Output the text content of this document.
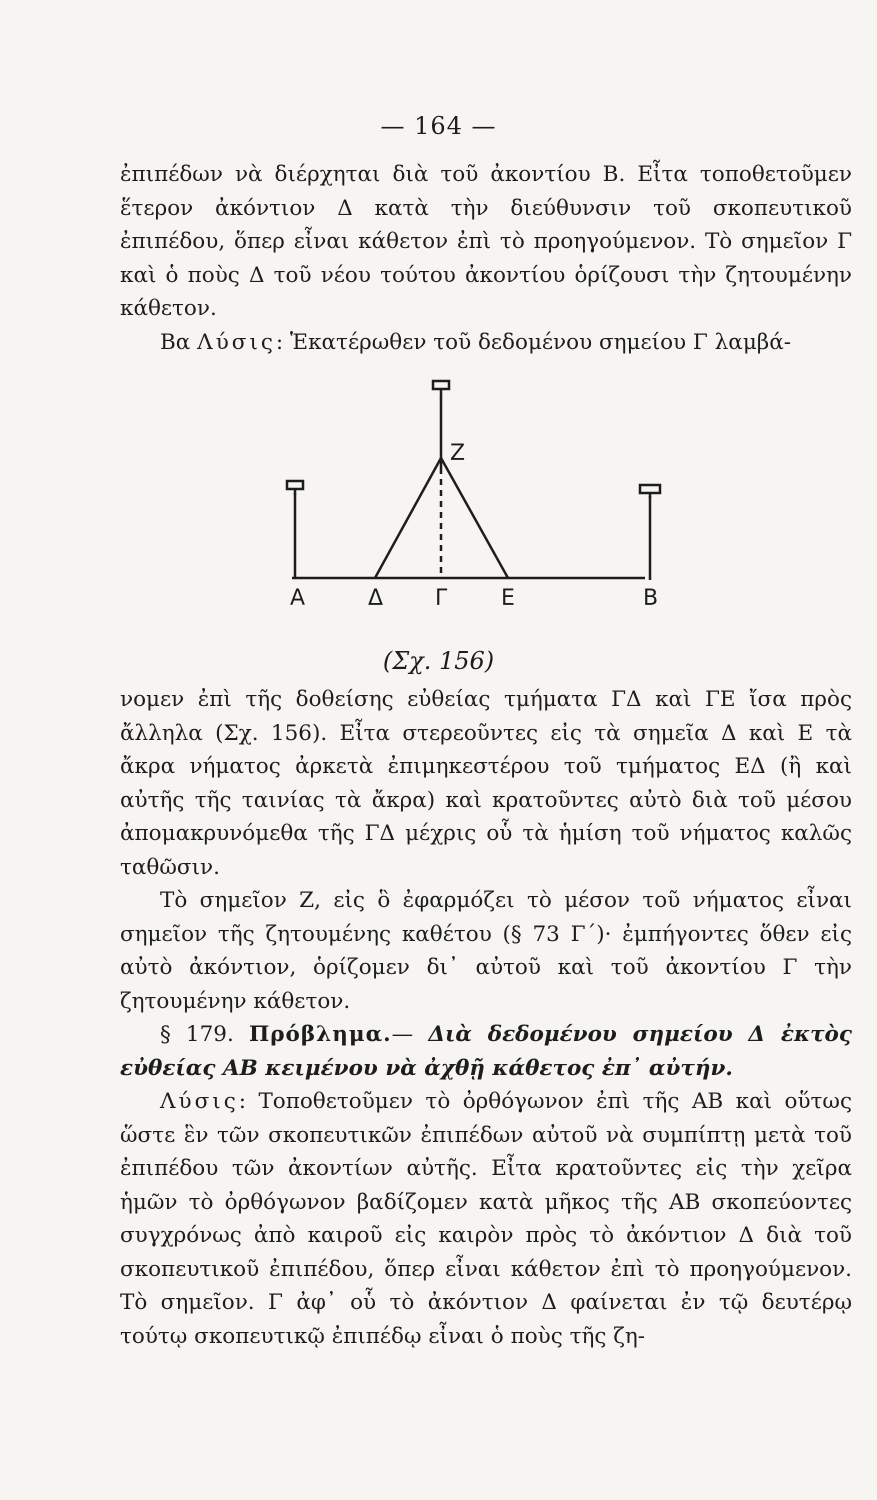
— 164 —

ἐπιπέδων νὰ διέρχηται διὰ τοῦ ἀκοντίου Β. Εἶτα τοποθετοῦμεν ἕτερον ἀκόντιον Δ κατὰ τὴν διεύθυνσιν τοῦ σκοπευτικοῦ ἐπιπέδου, ὅπερ εἶναι κάθετον ἐπὶ τὸ προηγούμενον. Τὸ σημεῖον Γ καὶ ὁ ποὺς Δ τοῦ νέου τούτου ἀκοντίου ὁρίζουσι τὴν ζητουμένην κάθετον.

Βα Λύσις: Ἑκατέρωθεν τοῦ δεδομένου σημείου Γ λαμβά-

Ζ
Α	Δ Γ Ε	Β
(Σχ. 156)

νομεν ἐπὶ τῆς δοθείσης εὐθείας τμήματα ΓΔ καὶ ΓΕ ἴσα πρὸς ἄλληλα (Σχ. 156). Εἶτα στερεοῦντες εἰς τὰ σημεῖα Δ καὶ Ε τὰ ἄκρα νήματος ἀρκετὰ ἐπιμηκεστέρου τοῦ τμήματος ΕΔ (ἢ καὶ αὐτῆς τῆς ταινίας τὰ ἄκρα) καὶ κρατοῦντες αὐτὸ διὰ τοῦ μέσου ἀπομακρυνόμεθα τῆς ΓΔ μέχρις οὗ τὰ ἡμίση τοῦ νήματος καλῶς ταθῶσιν.

Τὸ σημεῖον Ζ, εἰς ὃ ἐφαρμόζει τὸ μέσον τοῦ νήματος εἶναι σημεῖον τῆς ζητουμένης καθέτου (§ 73 Γ΄)· ἐμπήγοντες ὅθεν εἰς αὐτὸ ἀκόντιον, ὁρίζομεν δι᾿ αὐτοῦ καὶ τοῦ ἀκοντίου Γ τὴν ζητουμένην κάθετον.

§ 179. Πρόβλημα.— Διὰ δεδομένου σημείου Δ ἐκτὸς εὐθείας ΑΒ κειμένου νὰ ἀχθῇ κάθετος ἐπ᾿ αὐτήν.

Λύσις: Τοποθετοῦμεν τὸ ὀρθόγωνον ἐπὶ τῆς ΑΒ καὶ οὕτως ὥστε ἓν τῶν σκοπευτικῶν ἐπιπέδων αὐτοῦ νὰ συμπίπτῃ μετὰ τοῦ ἐπιπέδου τῶν ἀκοντίων αὐτῆς. Εἶτα κρατοῦντες εἰς τὴν χεῖρα ἡμῶν τὸ ὀρθόγωνον βαδίζομεν κατὰ μῆκος τῆς ΑΒ σκοπεύοντες συγχρόνως ἀπὸ καιροῦ εἰς καιρὸν πρὸς τὸ ἀκόντιον Δ διὰ τοῦ σκοπευτικοῦ ἐπιπέδου, ὅπερ εἶναι κάθετον ἐπὶ τὸ προηγούμενον. Τὸ σημεῖον. Γ ἀφ᾿ οὗ τὸ ἀκόντιον Δ φαίνεται ἐν τῷ δευτέρῳ τούτῳ σκοπευτικῷ ἐπιπέδῳ εἶναι ὁ ποὺς τῆς ζη-
